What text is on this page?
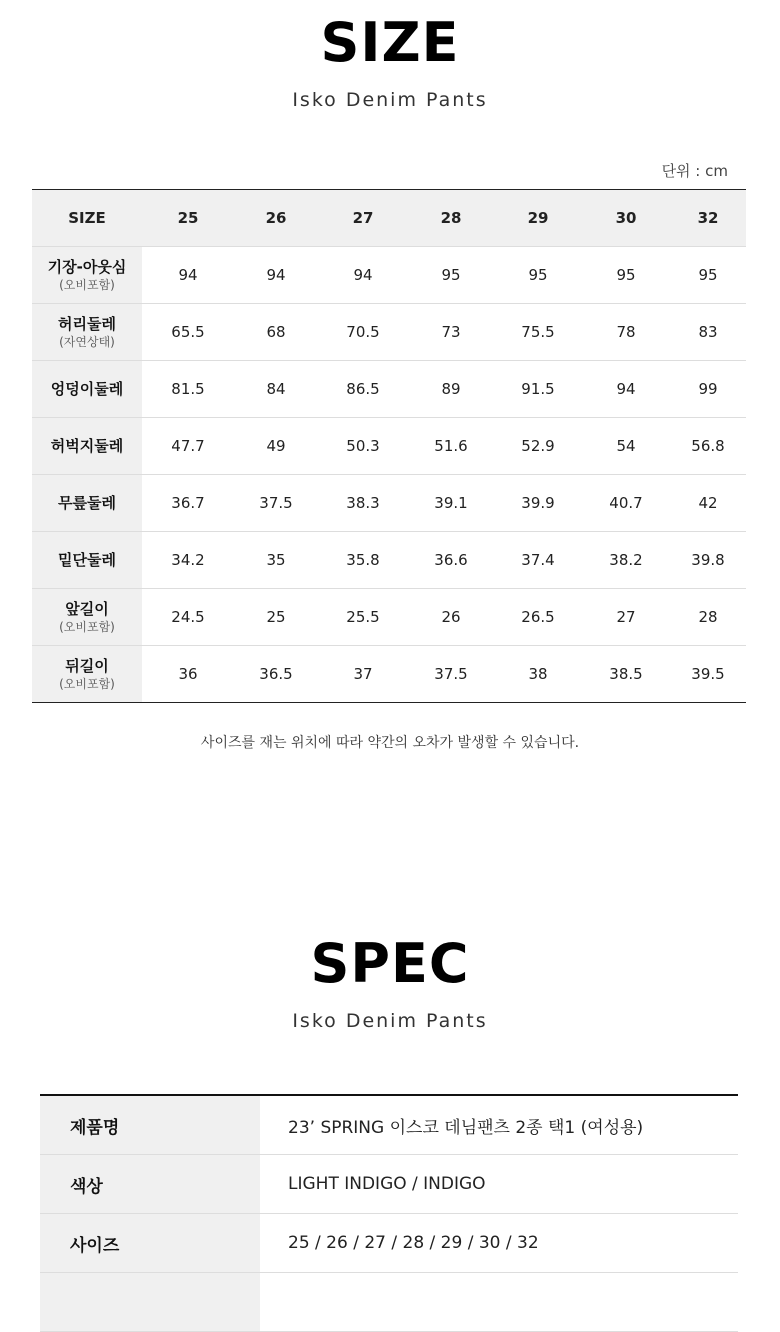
SIZE
Isko Denim Pants
단위 : cm
SIZE	25	26	27	28	29	30	32

기장-아웃심
(오비포함)	94	94	94	95	95	95	95

허리둘레
(자연상태)	65.5	68	70.5	73	75.5	78	83

엉덩이둘레	81.5	84	86.5	89	91.5	94	99

허벅지둘레	47.7	49	50.3	51.6	52.9	54	56.8

무릎둘레	36.7	37.5	38.3	39.1	39.9	40.7	42

밑단둘레	34.2	35	35.8	36.6	37.4	38.2	39.8

앞길이
(오비포함)	24.5	25	25.5	26	26.5	27	28

뒤길이
(오비포함)	36	36.5	37	37.5	38	38.5	39.5
사이즈를 재는 위치에 따라 약간의 오차가 발생할 수 있습니다.
SPEC
Isko Denim Pants
제품명	23’ SPRING 이스코 데님팬츠 2종 택1 (여성용)
색상	LIGHT INDIGO / INDIGO
사이즈	25 / 26 / 27 / 28 / 29 / 30 / 32
